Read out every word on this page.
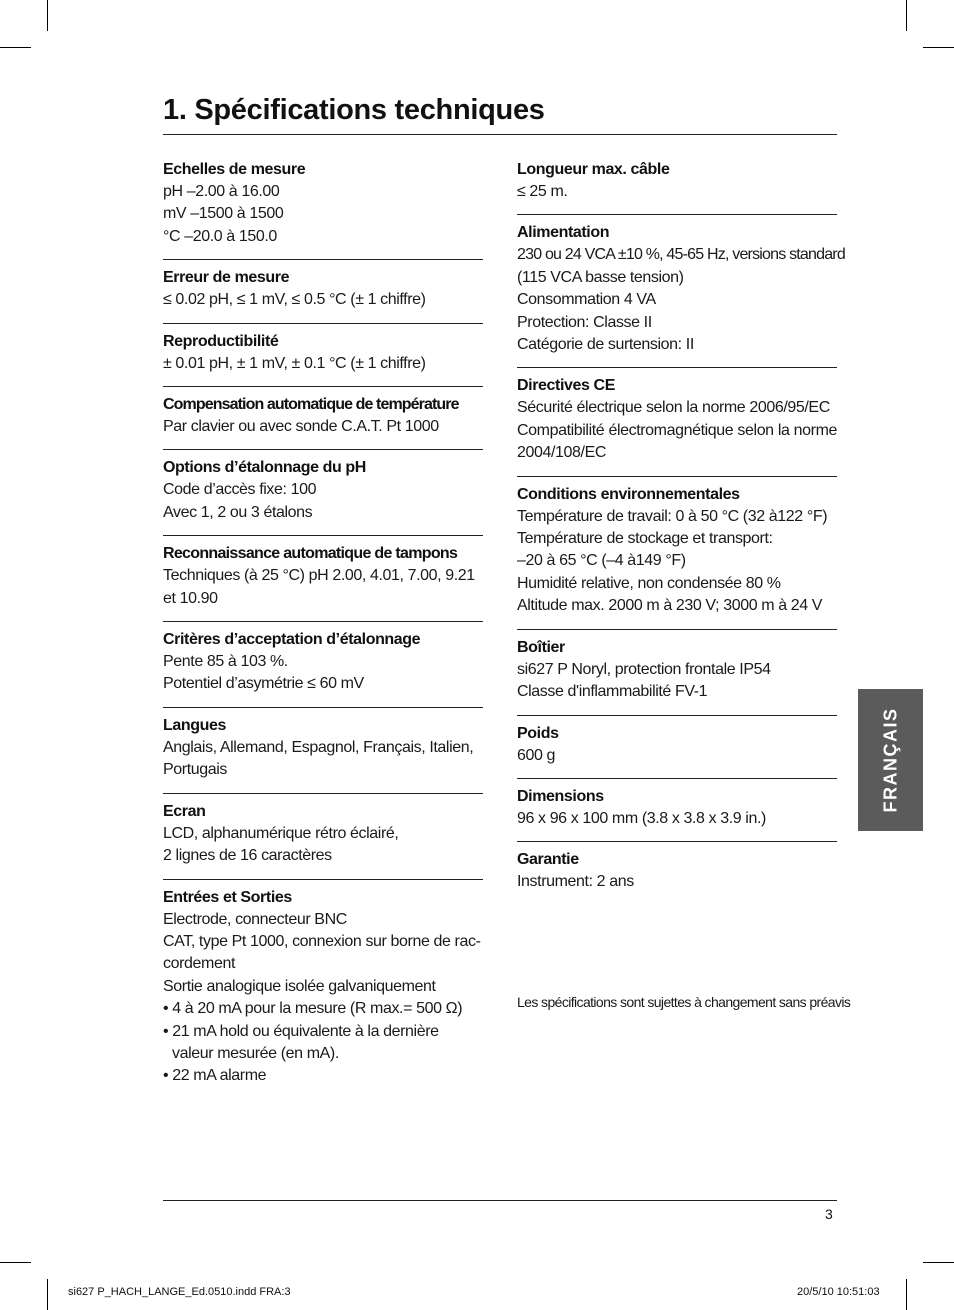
1. Spécifications techniques
Echelles de mesure
pH –2.00 à 16.00
mV –1500 à 1500
°C –20.0 à 150.0
Erreur de mesure
≤ 0.02 pH, ≤ 1 mV, ≤ 0.5 °C (± 1 chiffre)
Reproductibilité
± 0.01 pH, ± 1 mV, ± 0.1 °C (± 1 chiffre)
Compensation automatique de température
Par clavier ou avec sonde C.A.T. Pt 1000
Options d’étalonnage du pH
Code d’accès fixe: 100
Avec 1, 2 ou 3 étalons
Reconnaissance automatique de tampons
Techniques (à 25 °C) pH 2.00, 4.01, 7.00, 9.21
et 10.90
Critères d’acceptation d’étalonnage
Pente 85 à 103 %.
Potentiel d’asymétrie ≤ 60 mV
Langues
Anglais, Allemand, Espagnol, Français, Italien,
Portugais
Ecran
LCD, alphanumérique rétro éclairé,
2 lignes de 16 caractères
Entrées et Sorties
Electrode, connecteur BNC
CAT, type Pt 1000, connexion sur borne de rac-
cordement
Sortie analogique isolée galvaniquement
• 4 à 20 mA pour la mesure (R max.= 500 Ω)
• 21 mA hold ou équivalente à la dernière valeur mesurée (en mA).
• 22 mA alarme
Longueur max. câble
≤ 25 m.
Alimentation
230 ou 24 VCA ±10 %, 45-65 Hz, versions standard
(115 VCA basse tension)
Consommation 4 VA
Protection: Classe II
Catégorie de surtension: II
Directives CE
Sécurité électrique selon la norme 2006/95/EC
Compatibilité électromagnétique selon la norme 2004/108/EC
Conditions environnementales
Température de travail: 0 à 50 °C (32 à122 °F)
Température de stockage et transport:
–20 à 65 °C (–4 à149 °F)
Humidité relative, non condensée 80 %
Altitude max. 2000 m à 230 V; 3000 m à 24 V
Boîtier
si627 P Noryl, protection frontale IP54
Classe d'inflammabilité FV-1
Poids
600 g
Dimensions
96 x 96 x 100 mm (3.8 x 3.8 x 3.9 in.)
Garantie
Instrument: 2 ans
Les spécifications sont sujettes à changement sans préavis
FRANÇAIS
3
si627 P_HACH_LANGE_Ed.0510.indd FRA:3	20/5/10 10:51:03
